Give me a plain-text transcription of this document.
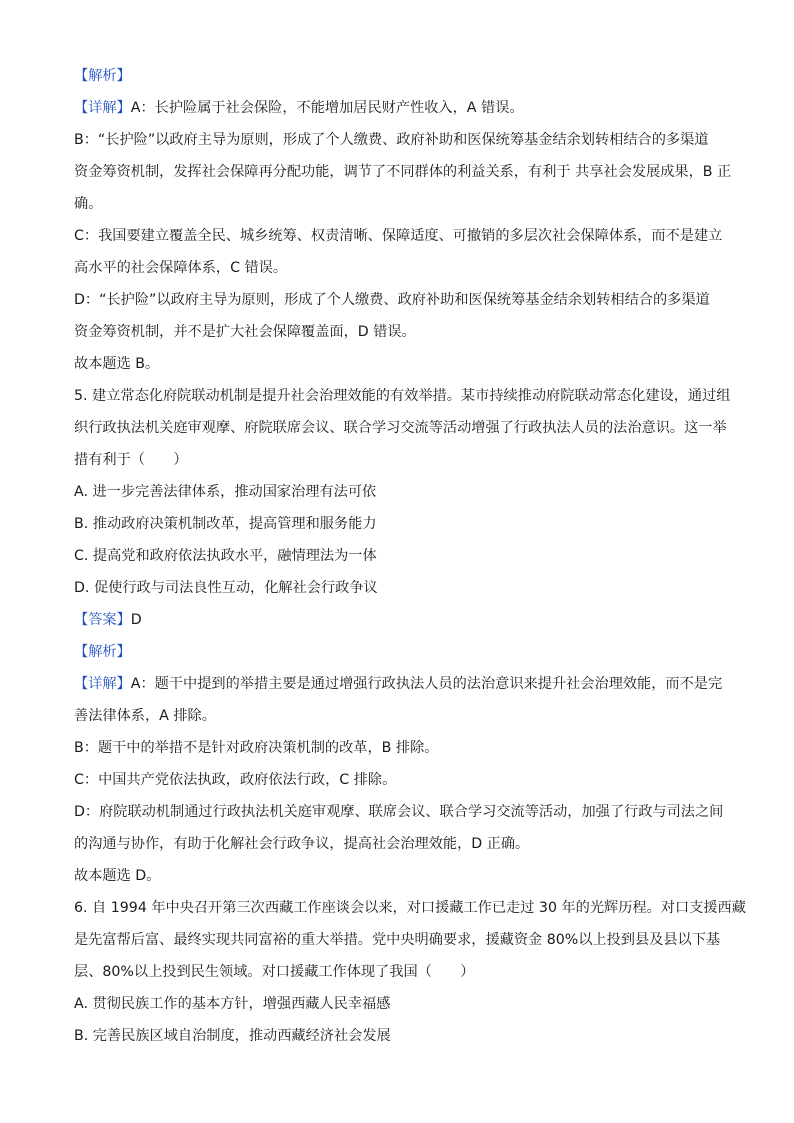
【解析】
【详解】A：长护险属于社会保险，不能增加居民财产性收入，A 错误。
B：“长护险”以政府主导为原则，形成了个人缴费、政府补助和医保统筹基金结余划转相结合的多渠道
资金筹资机制，发挥社会保障再分配功能，调节了不同群体的利益关系，有利于 共享社会发展成果，B 正
确。
C：我国要建立覆盖全民、城乡统筹、权责清晰、保障适度、可撤销的多层次社会保障体系，而不是建立
高水平的社会保障体系，C 错误。
D：“长护险”以政府主导为原则，形成了个人缴费、政府补助和医保统筹基金结余划转相结合的多渠道
资金筹资机制，并不是扩大社会保障覆盖面，D 错误。
故本题选 B。
5. 建立常态化府院联动机制是提升社会治理效能的有效举措。某市持续推动府院联动常态化建设，通过组
织行政执法机关庭审观摩、府院联席会议、联合学习交流等活动增强了行政执法人员的法治意识。这一举
措有利于（　　）
A. 进一步完善法律体系，推动国家治理有法可依
B. 推动政府决策机制改革，提高管理和服务能力
C. 提高党和政府依法执政水平，融情理法为一体
D. 促使行政与司法良性互动，化解社会行政争议
【答案】D
【解析】
【详解】A：题干中提到的举措主要是通过增强行政执法人员的法治意识来提升社会治理效能，而不是完
善法律体系，A 排除。
B：题干中的举措不是针对政府决策机制的改革，B 排除。
C：中国共产党依法执政，政府依法行政，C 排除。
D：府院联动机制通过行政执法机关庭审观摩、联席会议、联合学习交流等活动，加强了行政与司法之间
的沟通与协作，有助于化解社会行政争议，提高社会治理效能，D 正确。
故本题选 D。
6. 自 1994 年中央召开第三次西藏工作座谈会以来，对口援藏工作已走过 30 年的光辉历程。对口支援西藏
是先富帮后富、最终实现共同富裕的重大举措。党中央明确要求，援藏资金 80%以上投到县及县以下基
层、80%以上投到民生领域。对口援藏工作体现了我国（　　）
A. 贯彻民族工作的基本方针，增强西藏人民幸福感
B. 完善民族区域自治制度，推动西藏经济社会发展
